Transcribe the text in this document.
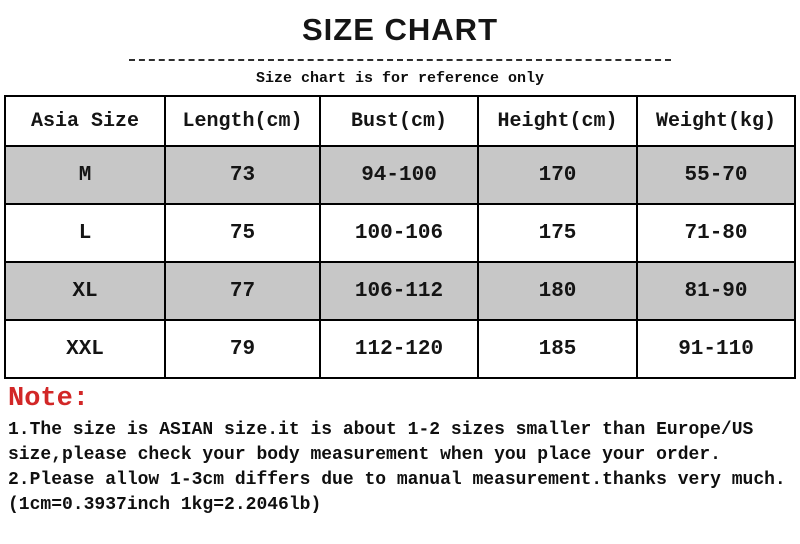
SIZE CHART
Size chart is for reference only
Asia Size	Length(cm)	Bust(cm)	Height(cm)	Weight(kg)
M	73	94-100	170	55-70
L	75	100-106	175	71-80
XL	77	106-112	180	81-90
XXL	79	112-120	185	91-110
Note:

1.The size is ASIAN size.it is about 1-2 sizes smaller than Europe/US size,please check your body measurement when you place your order.

2.Please allow 1-3cm differs due to manual measurement.thanks very much.(1cm=0.3937inch 1kg=2.2046lb)
